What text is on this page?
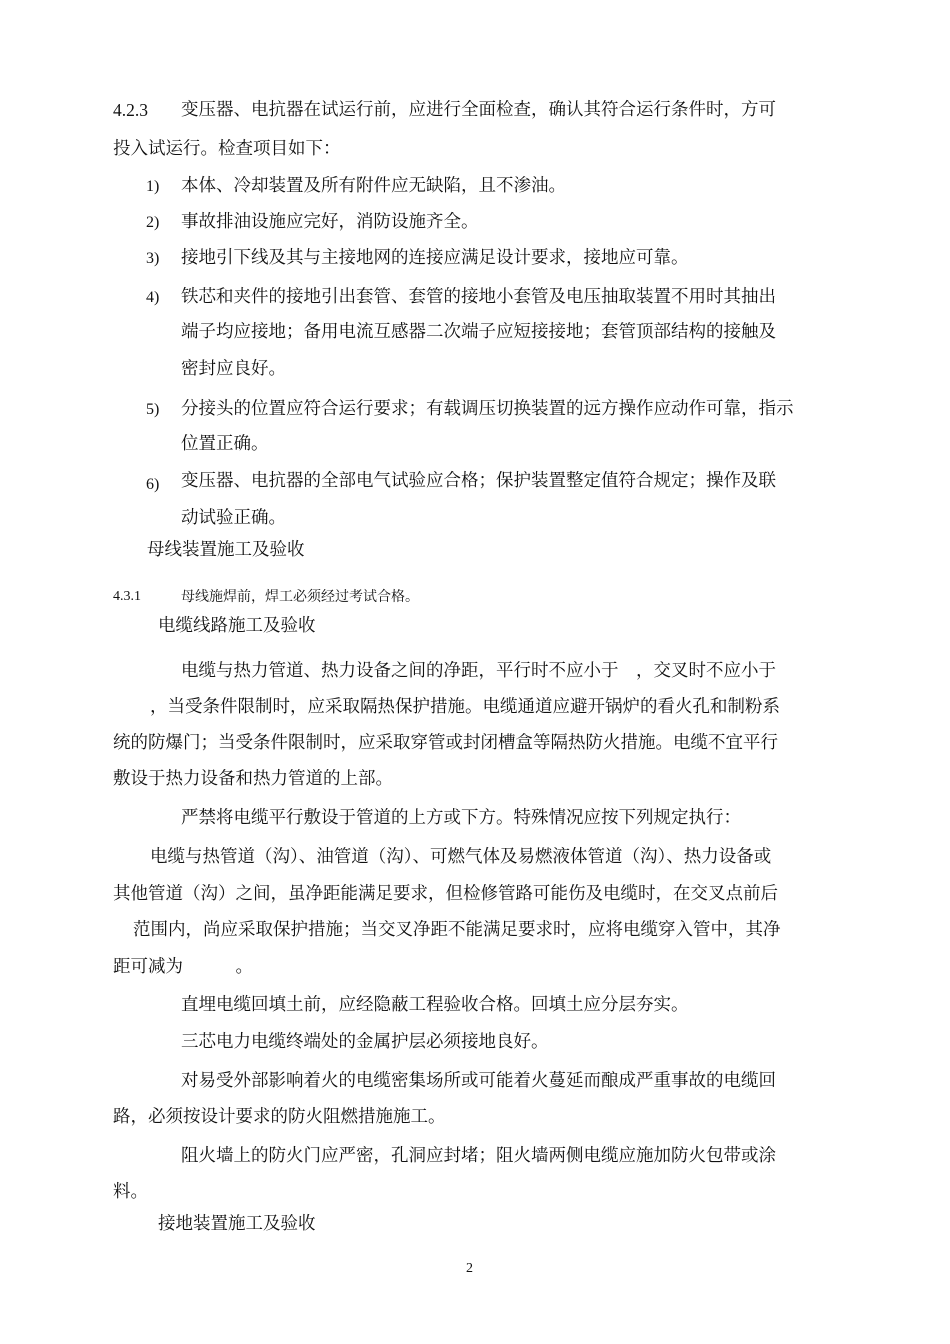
4.2.3 变压器、电抗器在试运行前，应进行全面检查，确认其符合运行条件时，方可
投入试运行。检查项目如下：
1) 本体、冷却装置及所有附件应无缺陷，且不渗油。
2) 事故排油设施应完好，消防设施齐全。
3) 接地引下线及其与主接地网的连接应满足设计要求，接地应可靠。
4) 铁芯和夹件的接地引出套管、套管的接地小套管及电压抽取装置不用时其抽出
端子均应接地；备用电流互感器二次端子应短接接地；套管顶部结构的接触及
密封应良好。
5) 分接头的位置应符合运行要求；有载调压切换装置的远方操作应动作可靠，指示
位置正确。
6) 变压器、电抗器的全部电气试验应合格；保护装置整定值符合规定；操作及联
动试验正确。
母线装置施工及验收
4.3.1	母线施焊前，焊工必须经过考试合格。
电缆线路施工及验收
电缆与热力管道、热力设备之间的净距，平行时不应小于　，交叉时不应小于
，当受条件限制时，应采取隔热保护措施。电缆通道应避开锅炉的看火孔和制粉系
统的防爆门；当受条件限制时，应采取穿管或封闭槽盒等隔热防火措施。电缆不宜平行
敷设于热力设备和热力管道的上部。
严禁将电缆平行敷设于管道的上方或下方。特殊情况应按下列规定执行：
电缆与热管道（沟）、油管道（沟）、可燃气体及易燃液体管道（沟）、热力设备或
其他管道（沟）之间，虽净距能满足要求，但检修管路可能伤及电缆时，在交叉点前后
范围内，尚应采取保护措施；当交叉净距不能满足要求时，应将电缆穿入管中，其净
距可减为　　　。
直埋电缆回填土前，应经隐蔽工程验收合格。回填土应分层夯实。
三芯电力电缆终端处的金属护层必须接地良好。
对易受外部影响着火的电缆密集场所或可能着火蔓延而酿成严重事故的电缆回
路，必须按设计要求的防火阻燃措施施工。
阻火墙上的防火门应严密，孔洞应封堵；阻火墙两侧电缆应施加防火包带或涂
料。
接地装置施工及验收
2
